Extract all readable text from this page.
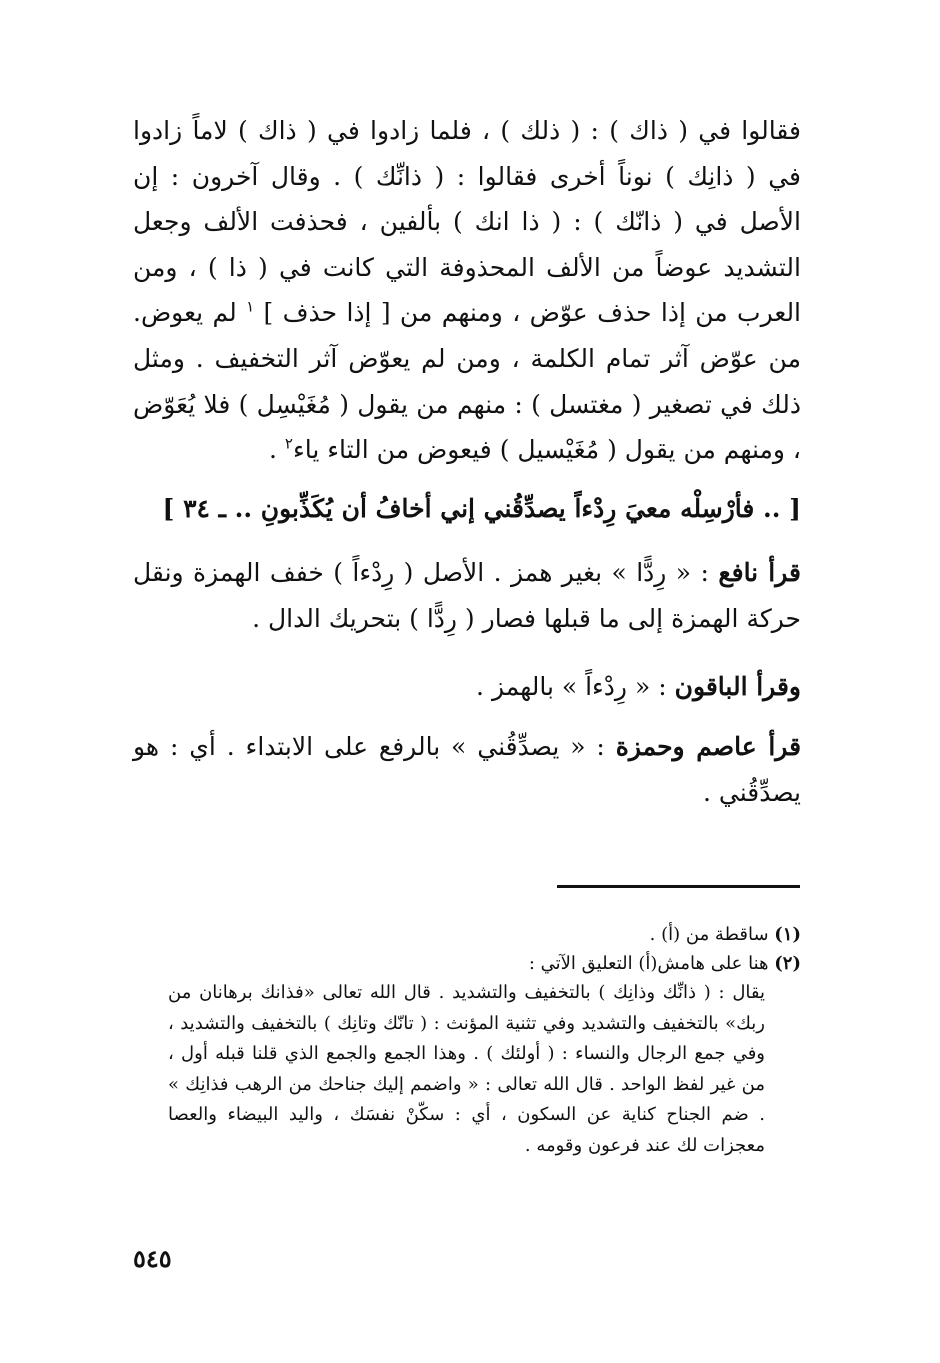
فقالوا في ( ذاك ) : ( ذلك ) ، فلما زادوا في ( ذاك ) لاماً زادوا في ( ذانِك ) نوناً أخرى فقالوا : ( ذانِّك ) . وقال آخرون : إن الأصل في ( ذانّك ) : ( ذا انك ) بألفين ، فحذفت الألف وجعل التشديد عوضاً من الألف المحذوفة التي كانت في ( ذا ) ، ومن العرب من إذا حذف عوّض ، ومنهم من [ إذا حذف ] $^١$ لم يعوض. من عوّض آثر تمام الكلمة ، ومن لم يعوّض آثر التخفيف . ومثل ذلك في تصغير ( مغتسل ) : منهم من يقول ( مُغَيْسِل ) فلا يُعَوّض ، ومنهم من يقول ( مُغَيْسيل ) فيعوض من التاء ياء$^٢$ .

[ .. فأرْسِلْه معيَ رِدْءاً يصدِّقُني إني أخافُ أن يُكَذِّبونِ .. ـ ٣٤ ]
قرأ نافع : « رِدًّا » بغير همز . الأصل ( رِدْءاً ) خفف الهمزة ونقل حركة الهمزة إلى ما قبلها فصار ( رِدًّا ) بتحريك الدال .
وقرأ الباقون : « رِدْءاً » بالهمز .
قرأ عاصم وحمزة : « يصدِّقُني » بالرفع على الابتداء . أي : هو يصدِّقُني .

(١) ساقطة من (أ) .

(٢) هنا على هامش(أ) التعليق الآتي :

يقال : ( ذانِّك وذانِك ) بالتخفيف والتشديد . قال الله تعالى «فذانك برهانان من ربك» بالتخفيف والتشديد وفي تثنية المؤنث : ( تانّك وتانِك ) بالتخفيف والتشديد ، وفي جمع الرجال والنساء : ( أولئك ) . وهذا الجمع والجمع الذي قلنا قبله أول ، من غير لفظ الواحد . قال الله تعالى : « واضمم إليك جناحك من الرهب فذانِك » . ضم الجناح كناية عن السكون ، أي : سكّنْ نفسَك ، واليد البيضاء والعصا معجزات لك عند فرعون وقومه .

٥٤٥
